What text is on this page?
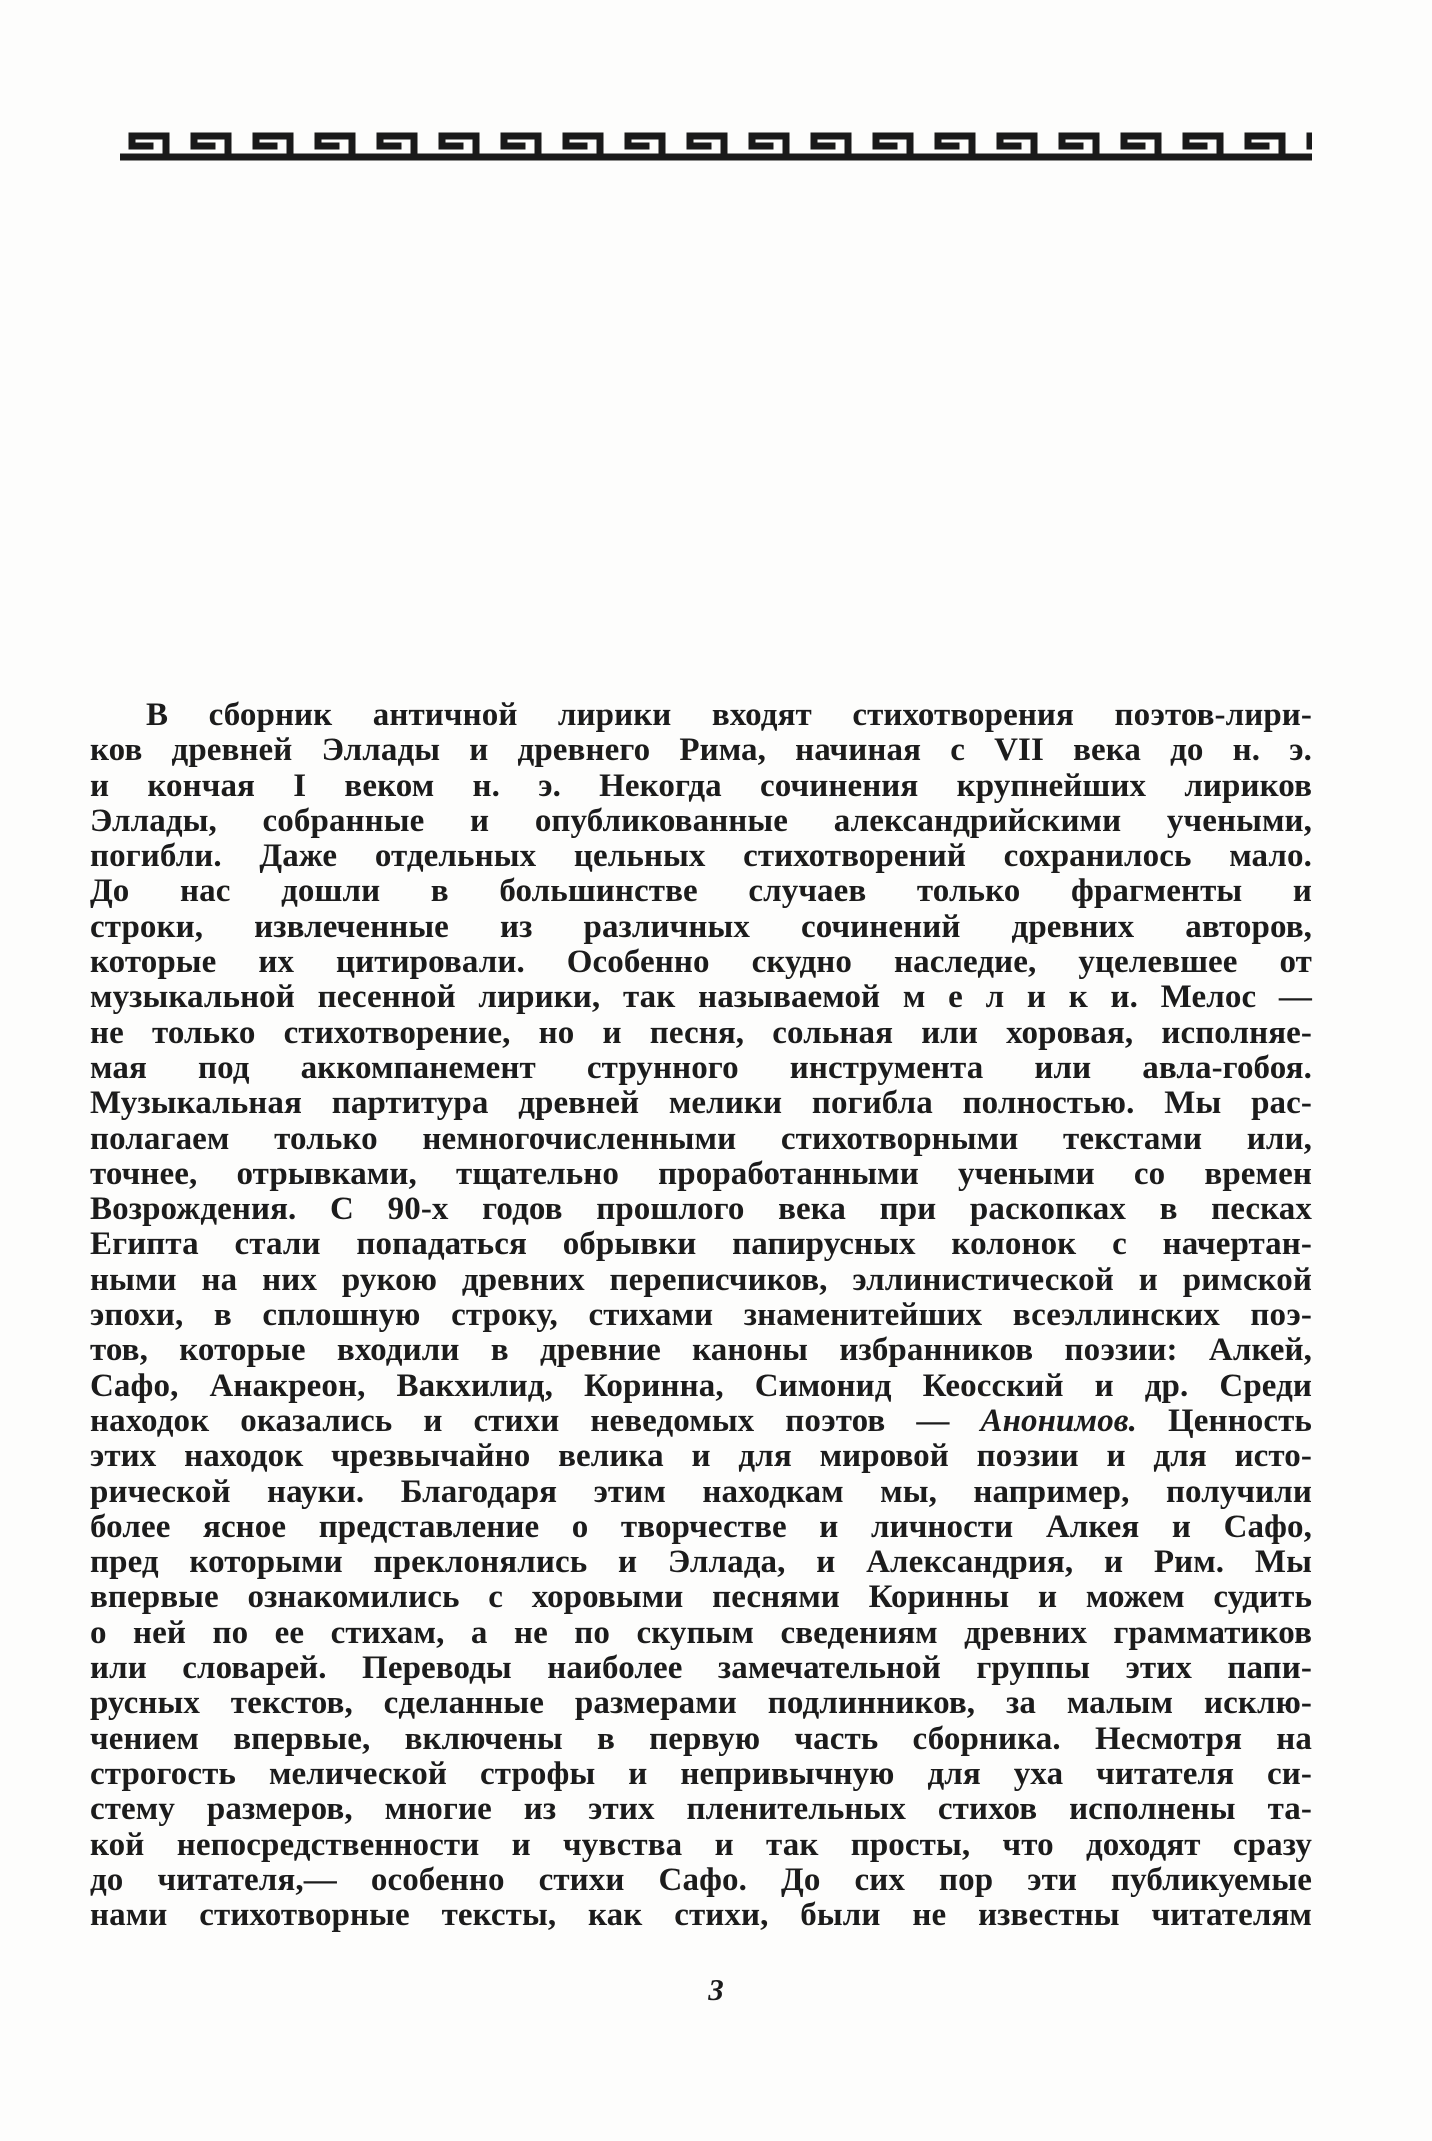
В сборник античной лирики входят стихотворения поэтов-лири-
ков древней Эллады и древнего Рима, начиная с VII века до н. э.
и кончая I веком н. э. Некогда сочинения крупнейших лириков
Эллады, собранные и опубликованные александрийскими учеными,
погибли. Даже отдельных цельных стихотворений сохранилось мало.
До нас дошли в большинстве случаев только фрагменты и
строки, извлеченные из различных сочинений древних авторов,
которые их цитировали. Особенно скудно наследие, уцелевшее от
музыкальной песенной лирики, так называемой м е л и к и. Мелос —
не только стихотворение, но и песня, сольная или хоровая, исполняе-
мая под аккомпанемент струнного инструмента или авла-гобоя.
Музыкальная партитура древней мелики погибла полностью. Мы рас-
полагаем только немногочисленными стихотворными текстами или,
точнее, отрывками, тщательно проработанными учеными со времен
Возрождения. С 90-х годов прошлого века при раскопках в песках
Египта стали попадаться обрывки папирусных колонок с начертан-
ными на них рукою древних переписчиков, эллинистической и римской
эпохи, в сплошную строку, стихами знаменитейших всеэллинских поэ-
тов, которые входили в древние каноны избранников поэзии: Алкей,
Сафо, Анакреон, Вакхилид, Коринна, Симонид Кеосский и др. Среди
находок оказались и стихи неведомых поэтов — Анонимов. Ценность
этих находок чрезвычайно велика и для мировой поэзии и для исто-
рической науки. Благодаря этим находкам мы, например, получили
более ясное представление о творчестве и личности Алкея и Сафо,
пред которыми преклонялись и Эллада, и Александрия, и Рим. Мы
впервые ознакомились с хоровыми песнями Коринны и можем судить
о ней по ее стихам, а не по скупым сведениям древних грамматиков
или словарей. Переводы наиболее замечательной группы этих папи-
русных текстов, сделанные размерами подлинников, за малым исклю-
чением впервые, включены в первую часть сборника. Несмотря на
строгость мелической строфы и непривычную для уха читателя си-
стему размеров, многие из этих пленительных стихов исполнены та-
кой непосредственности и чувства и так просты, что доходят сразу
до читателя,— особенно стихи Сафо. До сих пор эти публикуемые
нами стихотворные тексты, как стихи, были не известны читателям
3
